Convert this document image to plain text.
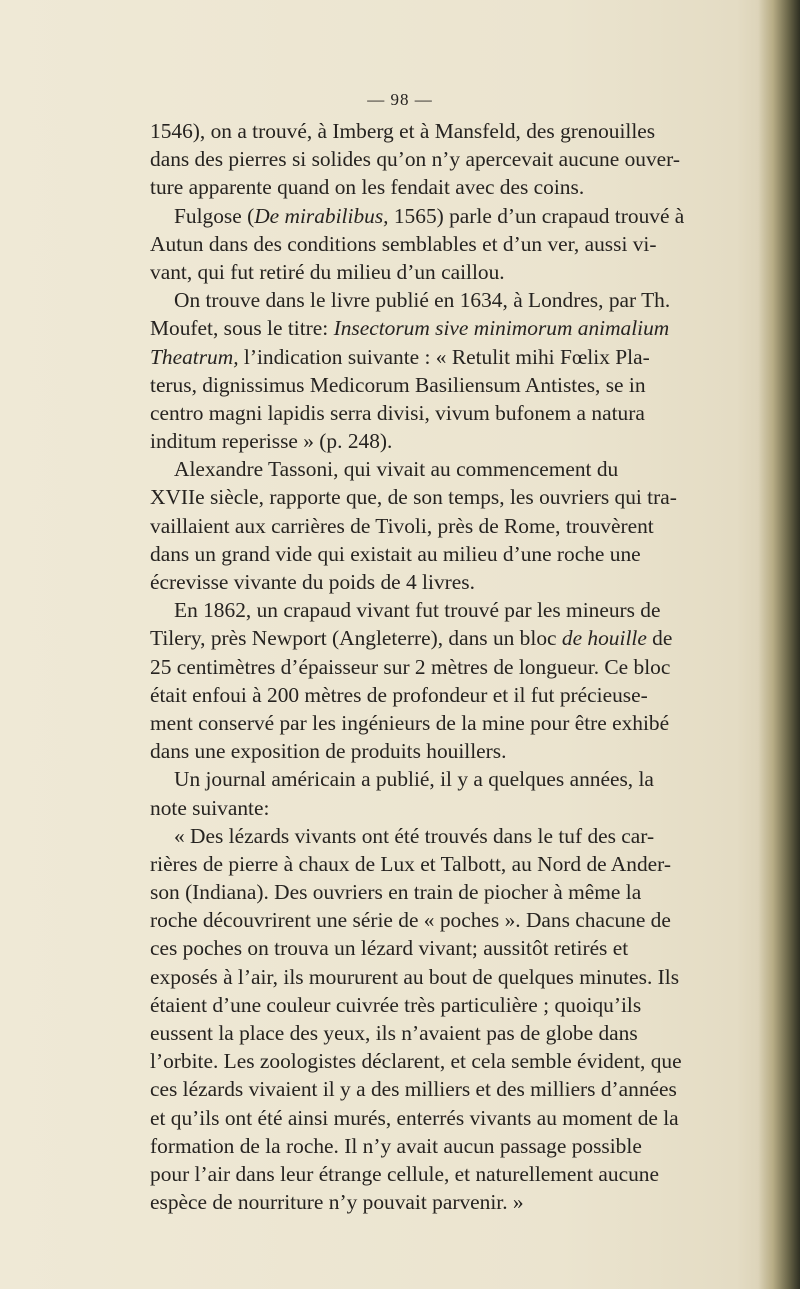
— 98 —
1546), on a trouvé, à Imberg et à Mansfeld, des grenouilles
dans des pierres si solides qu’on n’y apercevait aucune ouver-
ture apparente quand on les fendait avec des coins.
Fulgose (De mirabilibus, 1565) parle d’un crapaud trouvé à
Autun dans des conditions semblables et d’un ver, aussi vi-
vant, qui fut retiré du milieu d’un caillou.
On trouve dans le livre publié en 1634, à Londres, par Th.
Moufet, sous le titre: Insectorum sive minimorum animalium
Theatrum, l’indication suivante : « Retulit mihi Fœlix Pla-
terus, dignissimus Medicorum Basiliensum Antistes, se in
centro magni lapidis serra divisi, vivum bufonem a natura
inditum reperisse » (p. 248).
Alexandre Tassoni, qui vivait au commencement du
XVIIe siècle, rapporte que, de son temps, les ouvriers qui tra-
vaillaient aux carrières de Tivoli, près de Rome, trouvèrent
dans un grand vide qui existait au milieu d’une roche une
écrevisse vivante du poids de 4 livres.
En 1862, un crapaud vivant fut trouvé par les mineurs de
Tilery, près Newport (Angleterre), dans un bloc de houille de
25 centimètres d’épaisseur sur 2 mètres de longueur. Ce bloc
était enfoui à 200 mètres de profondeur et il fut précieuse-
ment conservé par les ingénieurs de la mine pour être exhibé
dans une exposition de produits houillers.
Un journal américain a publié, il y a quelques années, la
note suivante:
« Des lézards vivants ont été trouvés dans le tuf des car-
rières de pierre à chaux de Lux et Talbott, au Nord de Ander-
son (Indiana). Des ouvriers en train de piocher à même la
roche découvrirent une série de « poches ». Dans chacune de
ces poches on trouva un lézard vivant; aussitôt retirés et
exposés à l’air, ils moururent au bout de quelques minutes. Ils
étaient d’une couleur cuivrée très particulière ; quoiqu’ils
eussent la place des yeux, ils n’avaient pas de globe dans
l’orbite. Les zoologistes déclarent, et cela semble évident, que
ces lézards vivaient il y a des milliers et des milliers d’années
et qu’ils ont été ainsi murés, enterrés vivants au moment de la
formation de la roche. Il n’y avait aucun passage possible
pour l’air dans leur étrange cellule, et naturellement aucune
espèce de nourriture n’y pouvait parvenir. »
